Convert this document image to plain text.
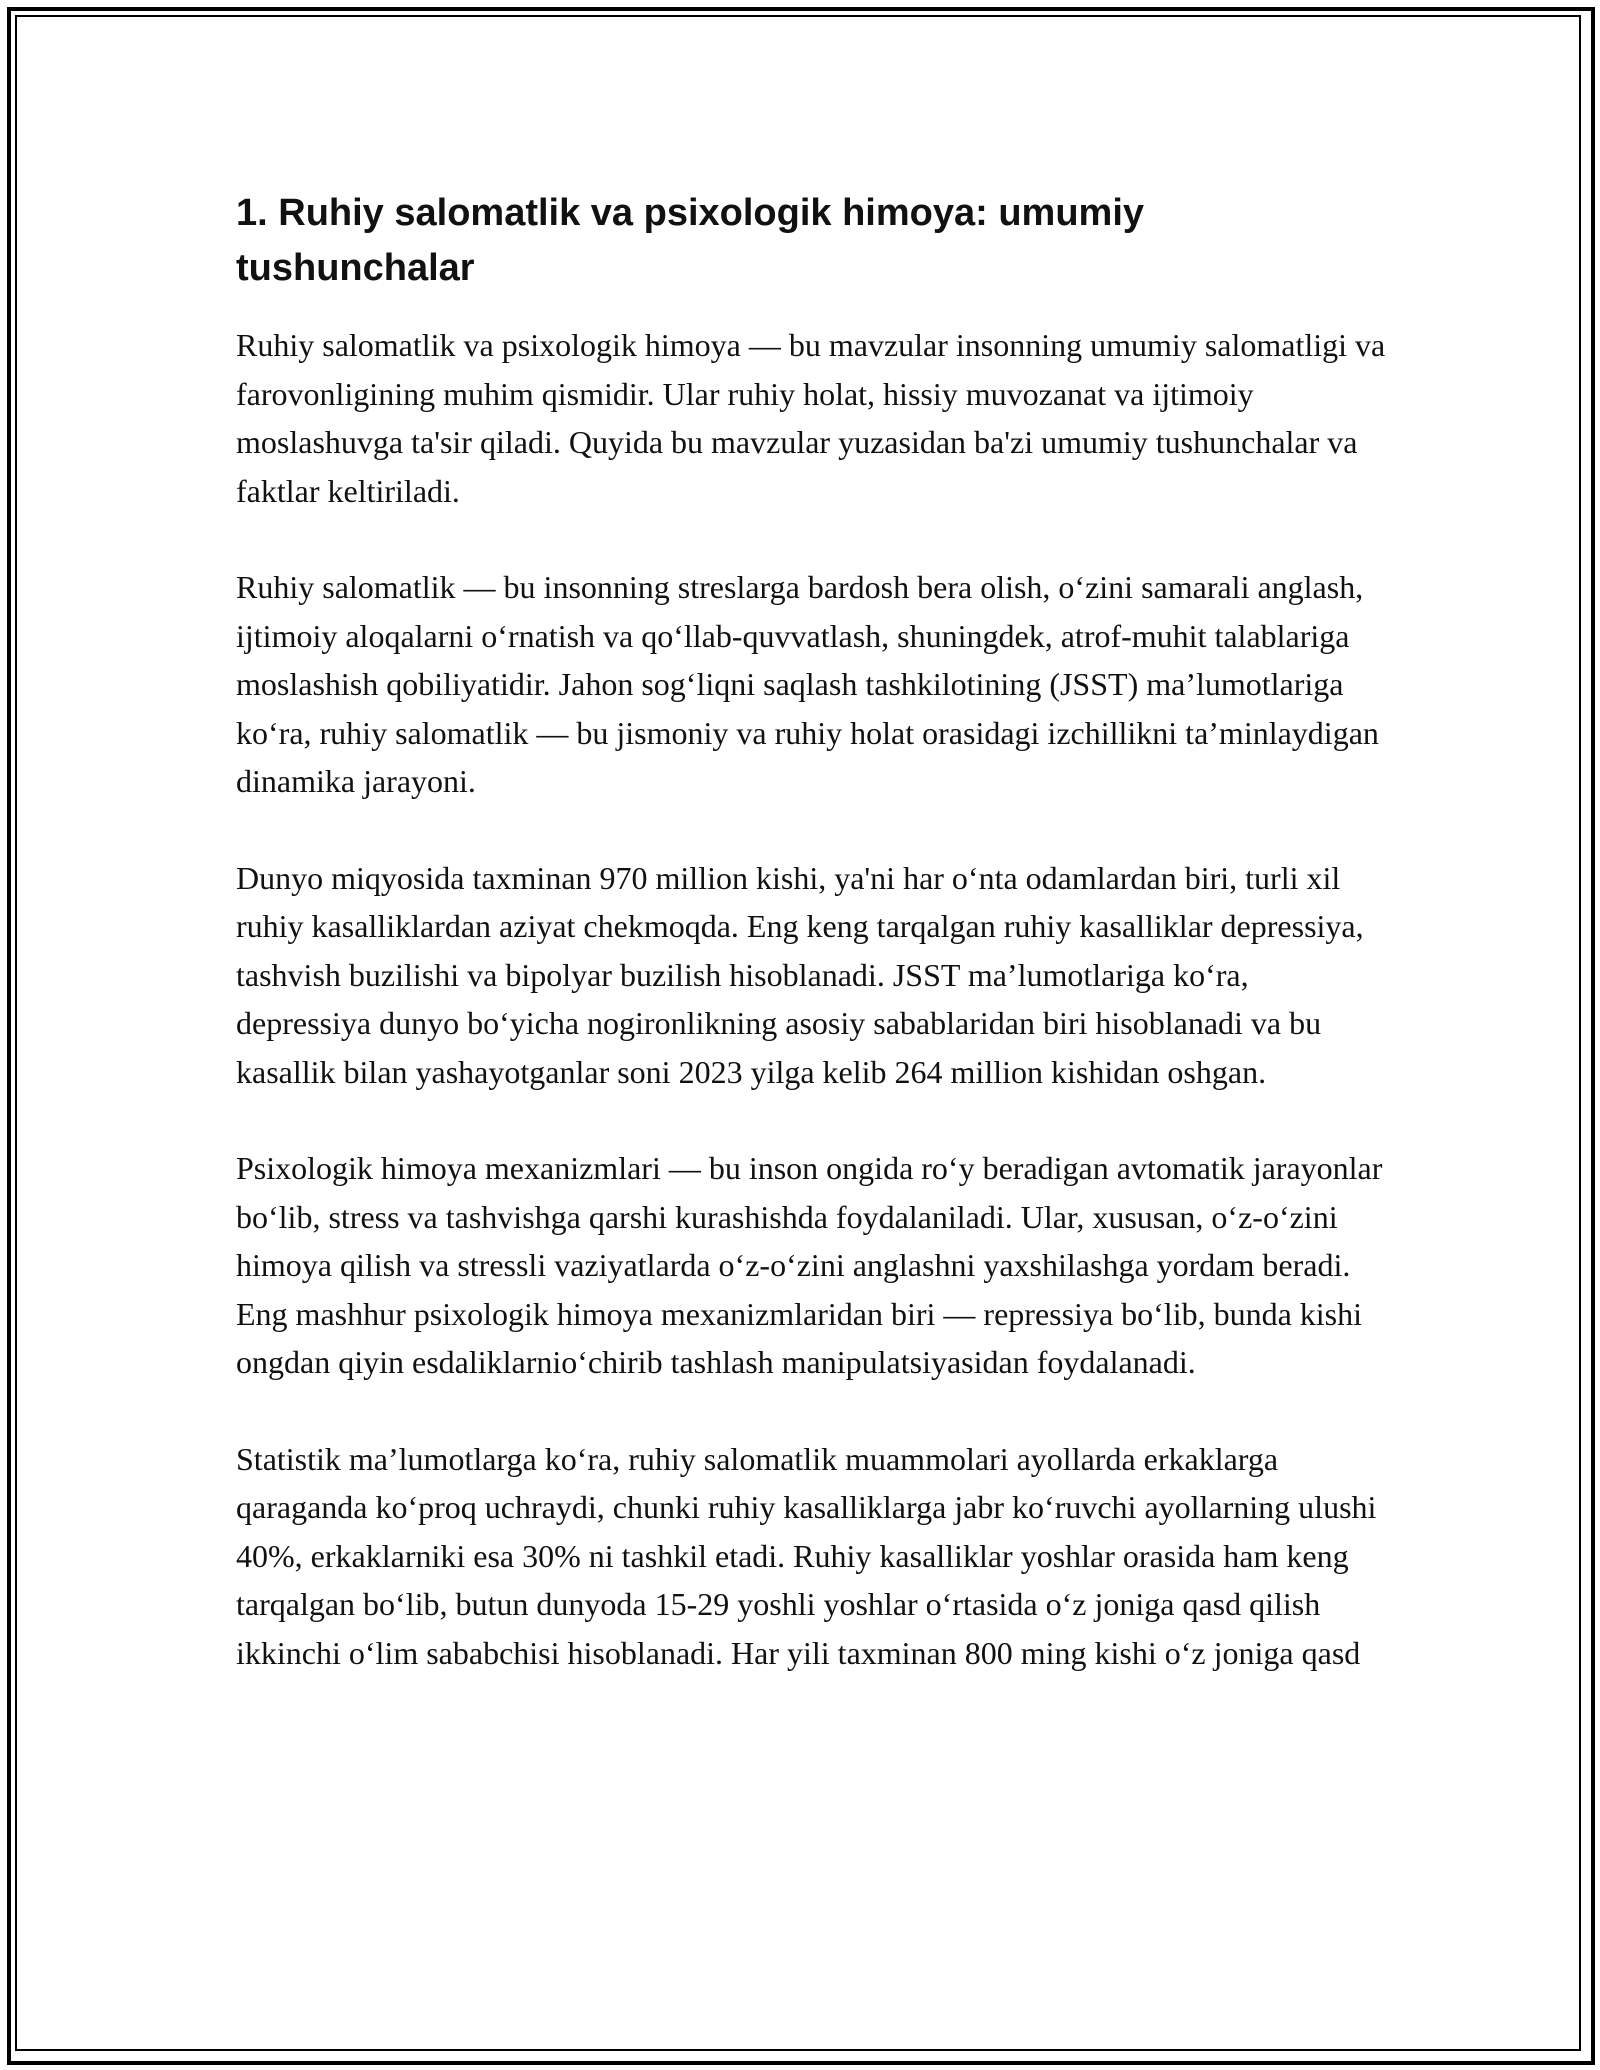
1. Ruhiy salomatlik va psixologik himoya: umumiy tushunchalar

Ruhiy salomatlik va psixologik himoya — bu mavzular insonning umumiy salomatligi va farovonligining muhim qismidir. Ular ruhiy holat, hissiy muvozanat va ijtimoiy moslashuvga ta'sir qiladi. Quyida bu mavzular yuzasidan ba'zi umumiy tushunchalar va faktlar keltiriladi.

Ruhiy salomatlik — bu insonning streslarga bardosh bera olish, o‘zini samarali anglash, ijtimoiy aloqalarni o‘rnatish va qo‘llab-quvvatlash, shuningdek, atrof-muhit talablariga moslashish qobiliyatidir. Jahon sog‘liqni saqlash tashkilotining (JSST) ma’lumotlariga ko‘ra, ruhiy salomatlik — bu jismoniy va ruhiy holat orasidagi izchillikni ta’minlaydigan dinamika jarayoni.

Dunyo miqyosida taxminan 970 million kishi, ya'ni har o‘nta odamlardan biri, turli xil ruhiy kasalliklardan aziyat chekmoqda. Eng keng tarqalgan ruhiy kasalliklar depressiya, tashvish buzilishi va bipolyar buzilish hisoblanadi. JSST ma’lumotlariga ko‘ra, depressiya dunyo bo‘yicha nogironlikning asosiy sabablaridan biri hisoblanadi va bu kasallik bilan yashayotganlar soni 2023 yilga kelib 264 million kishidan oshgan.

Psixologik himoya mexanizmlari — bu inson ongida ro‘y beradigan avtomatik jarayonlar bo‘lib, stress va tashvishga qarshi kurashishda foydalaniladi. Ular, xususan, o‘z-o‘zini himoya qilish va stressli vaziyatlarda o‘z-o‘zini anglashni yaxshilashga yordam beradi. Eng mashhur psixologik himoya mexanizmlaridan biri — repressiya bo‘lib, bunda kishi ongdan qiyin esdaliklarnio‘chirib tashlash manipulatsiyasidan foydalanadi.

Statistik ma’lumotlarga ko‘ra, ruhiy salomatlik muammolari ayollarda erkaklarga qaraganda ko‘proq uchraydi, chunki ruhiy kasalliklarga jabr ko‘ruvchi ayollarning ulushi 40%, erkaklarniki esa 30% ni tashkil etadi. Ruhiy kasalliklar yoshlar orasida ham keng tarqalgan bo‘lib, butun dunyoda 15-29 yoshli yoshlar o‘rtasida o‘z joniga qasd qilish ikkinchi o‘lim sababchisi hisoblanadi. Har yili taxminan 800 ming kishi o‘z joniga qasd
